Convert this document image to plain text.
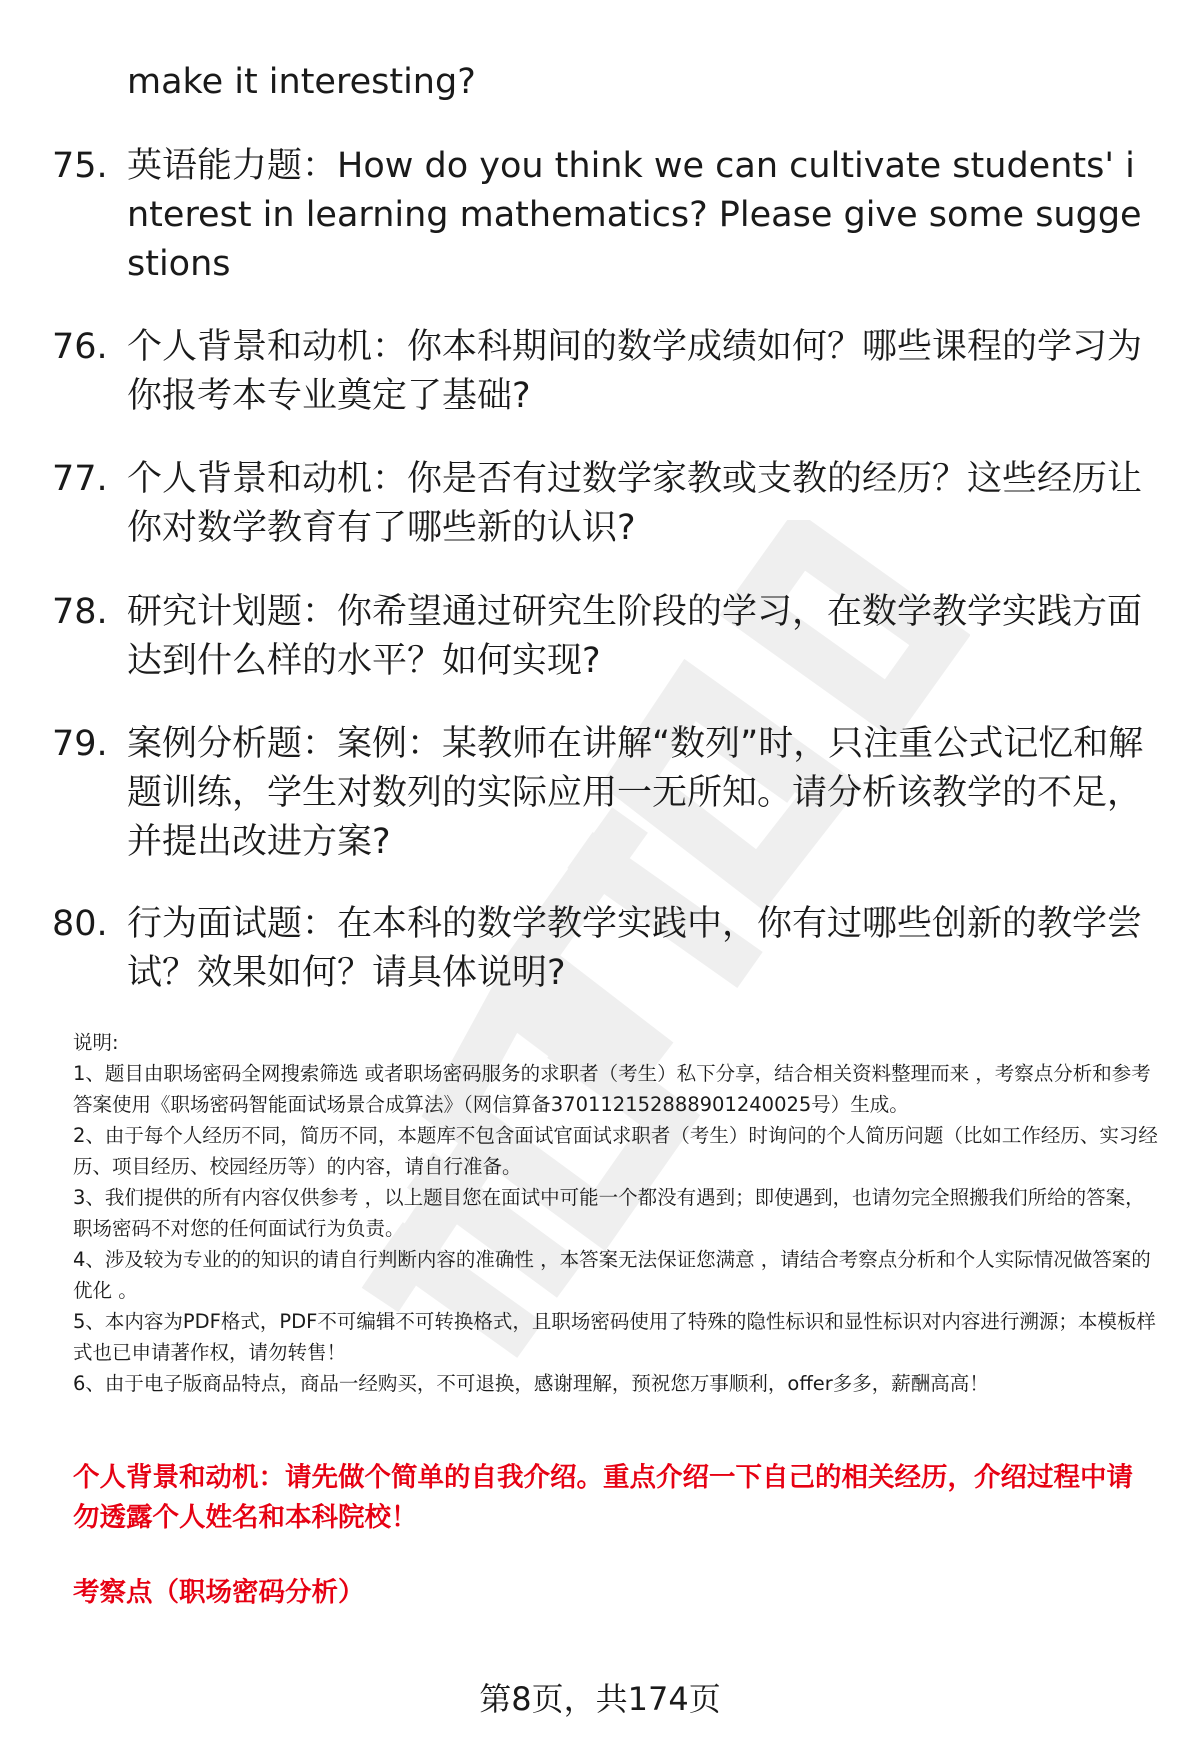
make it interesting?

75. 英语能力题：How do you think we can cultivate students' interest in learning mathematics? Please give some suggestions
76. 个人背景和动机：你本科期间的数学成绩如何？哪些课程的学习为你报考本专业奠定了基础?
77. 个人背景和动机：你是否有过数学家教或支教的经历？这些经历让你对数学教育有了哪些新的认识?
78. 研究计划题：你希望通过研究生阶段的学习，在数学教学实践方面达到什么样的水平？如何实现?
79. 案例分析题：案例：某教师在讲解“数列”时，只注重公式记忆和解题训练，学生对数列的实际应用一无所知。请分析该教学的不足，并提出改进方案?
80. 行为面试题：在本科的数学教学实践中，你有过哪些创新的教学尝试？效果如何？请具体说明?

说明:

1、题目由职场密码全网搜索筛选 或者职场密码服务的求职者（考生）私下分享，结合相关资料整理而来 ，考察点分析和参考答案使用《职场密码智能面试场景合成算法》（网信算备370112152888901240025号）生成。

2、由于每个人经历不同，简历不同，本题库不包含面试官面试求职者（考生）时询问的个人简历问题（比如工作经历、实习经历、项目经历、校园经历等）的内容，请自行准备。

3、我们提供的所有内容仅供参考 ，以上题目您在面试中可能一个都没有遇到；即使遇到，也请勿完全照搬我们所给的答案，职场密码不对您的任何面试行为负责。

4、涉及较为专业的的知识的请自行判断内容的准确性 ，本答案无法保证您满意 ，请结合考察点分析和个人实际情况做答案的优化 。

5、本内容为PDF格式，PDF不可编辑不可转换格式，且职场密码使用了特殊的隐性标识和显性标识对内容进行溯源；本模板样式也已申请著作权，请勿转售！

6、由于电子版商品特点，商品一经购买，不可退换，感谢理解，预祝您万事顺利，offer多多，薪酬高高！

个人背景和动机：请先做个简单的自我介绍。重点介绍一下自己的相关经历，介绍过程中请勿透露个人姓名和本科院校！
考察点（职场密码分析）
第8页，共174页
